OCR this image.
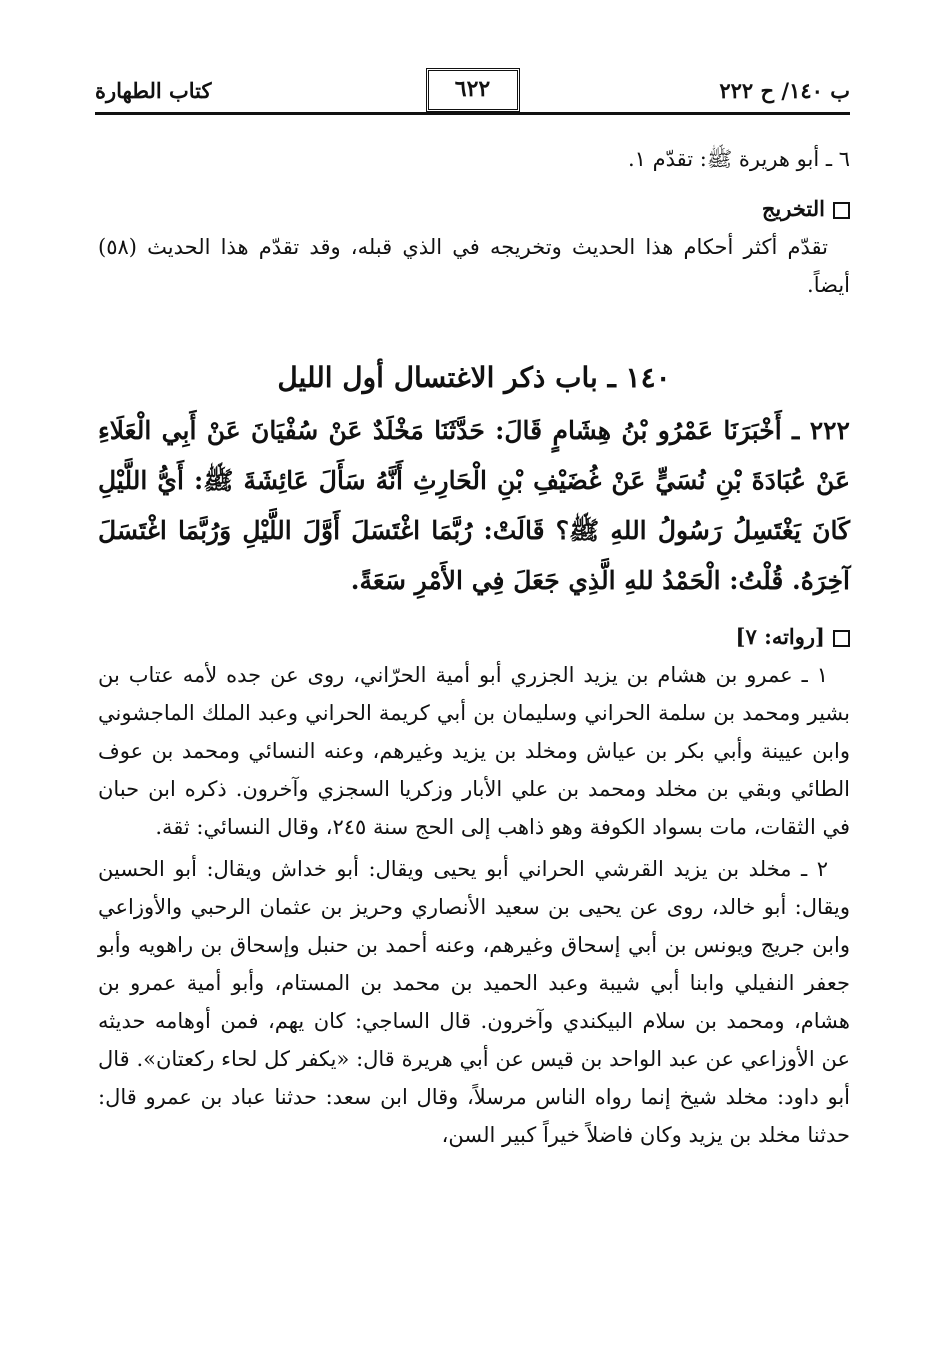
ب ١٤٠/ ح ٢٢٢
٦٢٢
كتاب الطهارة

٦ ـ أبو هريرة ﷺ: تقدّم ١.

التخريج

تقدّم أكثر أحكام هذا الحديث وتخريجه في الذي قبله، وقد تقدّم هذا الحديث (٥٨) أيضاً.

١٤٠ ـ باب ذكر الاغتسال أول الليل

٢٢٢ ـ أَخْبَرَنَا عَمْرُو بْنُ هِشَامٍ قَالَ: حَدَّثَنَا مَخْلَدٌ عَنْ سُفْيَانَ عَنْ أَبِي الْعَلَاءِ عَنْ عُبَادَةَ بْنِ نُسَيٍّ عَنْ غُضَيْفِ بْنِ الْحَارِثِ أَنَّهُ سَأَلَ عَائِشَةَ ﷺ: أَيُّ اللَّيْلِ كَانَ يَغْتَسِلُ رَسُولُ اللهِ ﷺ؟ قَالَتْ: رُبَّمَا اغْتَسَلَ أَوَّلَ اللَّيْلِ وَرُبَّمَا اغْتَسَلَ آخِرَهُ. قُلْتُ: الْحَمْدُ للهِ الَّذِي جَعَلَ فِي الأَمْرِ سَعَةً.

[رواته: ٧]

١ ـ عمرو بن هشام بن يزيد الجزري أبو أمية الحرّاني، روى عن جده لأمه عتاب بن بشير ومحمد بن سلمة الحراني وسليمان بن أبي كريمة الحراني وعبد الملك الماجشوني وابن عيينة وأبي بكر بن عياش ومخلد بن يزيد وغيرهم، وعنه النسائي ومحمد بن عوف الطائي وبقي بن مخلد ومحمد بن علي الأبار وزكريا السجزي وآخرون. ذكره ابن حبان في الثقات، مات بسواد الكوفة وهو ذاهب إلى الحج سنة ٢٤٥، وقال النسائي: ثقة.

٢ ـ مخلد بن يزيد القرشي الحراني أبو يحيى ويقال: أبو خداش ويقال: أبو الحسين ويقال: أبو خالد، روى عن يحيى بن سعيد الأنصاري وحريز بن عثمان الرحبي والأوزاعي وابن جريج ويونس بن أبي إسحاق وغيرهم، وعنه أحمد بن حنبل وإسحاق بن راهويه وأبو جعفر النفيلي وابنا أبي شيبة وعبد الحميد بن محمد بن المستام، وأبو أمية عمرو بن هشام، ومحمد بن سلام البيكندي وآخرون. قال الساجي: كان يهم، فمن أوهامه حديثه عن الأوزاعي عن عبد الواحد بن قيس عن أبي هريرة قال: «يكفر كل لحاء ركعتان». قال أبو داود: مخلد شيخ إنما رواه الناس مرسلاً، وقال ابن سعد: حدثنا عباد بن عمرو قال: حدثنا مخلد بن يزيد وكان فاضلاً خيراً كبير السن،
